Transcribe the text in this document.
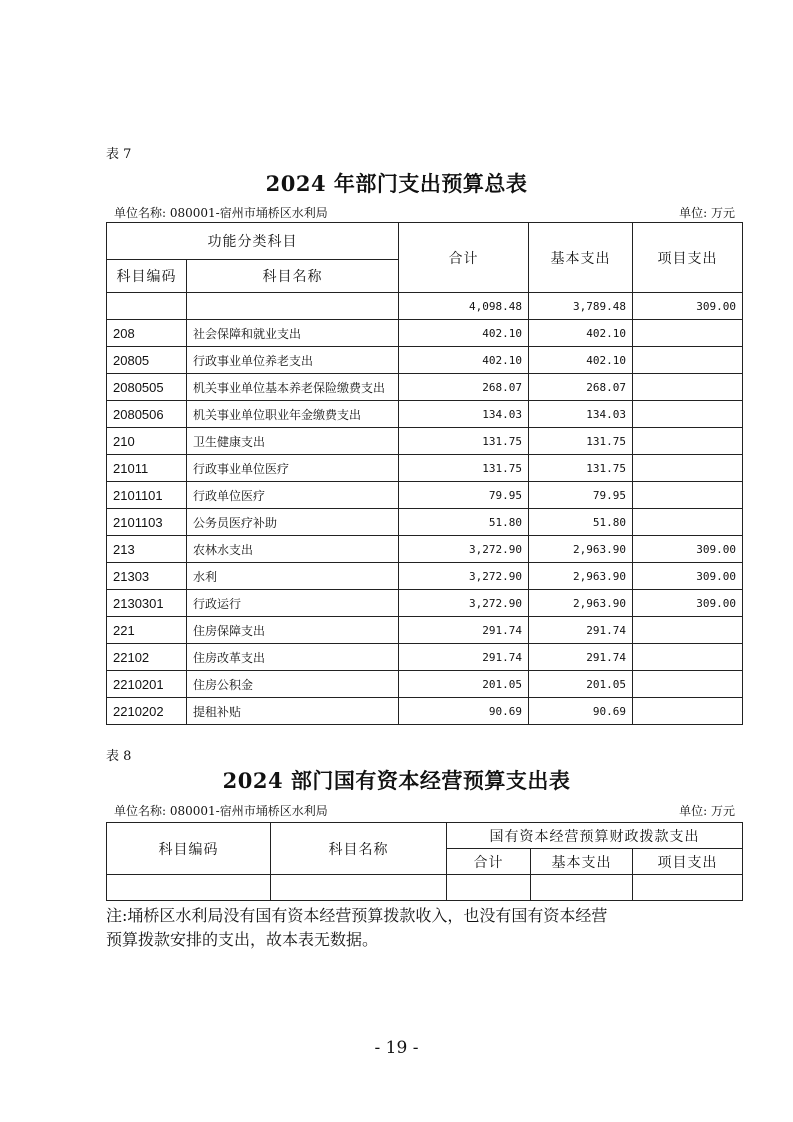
表 7
2024 年部门支出预算总表
单位名称: 080001-宿州市埇桥区水利局	单位: 万元
功能分类科目		合计	基本支出	项目支出
科目编码	科目名称			
		4,098.48	3,789.48	309.00
208	社会保障和就业支出	402.10	402.10	
20805	行政事业单位养老支出	402.10	402.10	
2080505	机关事业单位基本养老保险缴费支出	268.07	268.07	
2080506	机关事业单位职业年金缴费支出	134.03	134.03	
210	卫生健康支出	131.75	131.75	
21011	行政事业单位医疗	131.75	131.75	
2101101	行政单位医疗	79.95	79.95	
2101103	公务员医疗补助	51.80	51.80	
213	农林水支出	3,272.90	2,963.90	309.00
21303	水利	3,272.90	2,963.90	309.00
2130301	行政运行	3,272.90	2,963.90	309.00
221	住房保障支出	291.74	291.74	
22102	住房改革支出	291.74	291.74	
2210201	住房公积金	201.05	201.05	
2210202	提租补贴	90.69	90.69	
表 8
2024 部门国有资本经营预算支出表
单位名称: 080001-宿州市埇桥区水利局	单位: 万元
科目编码	科目名称	国有资本经营预算财政拨款支出		
		合计	基本支出	项目支出

注:埇桥区水利局没有国有资本经营预算拨款收入，也没有国有资本经营
预算拨款安排的支出，故本表无数据。
- 19 -
